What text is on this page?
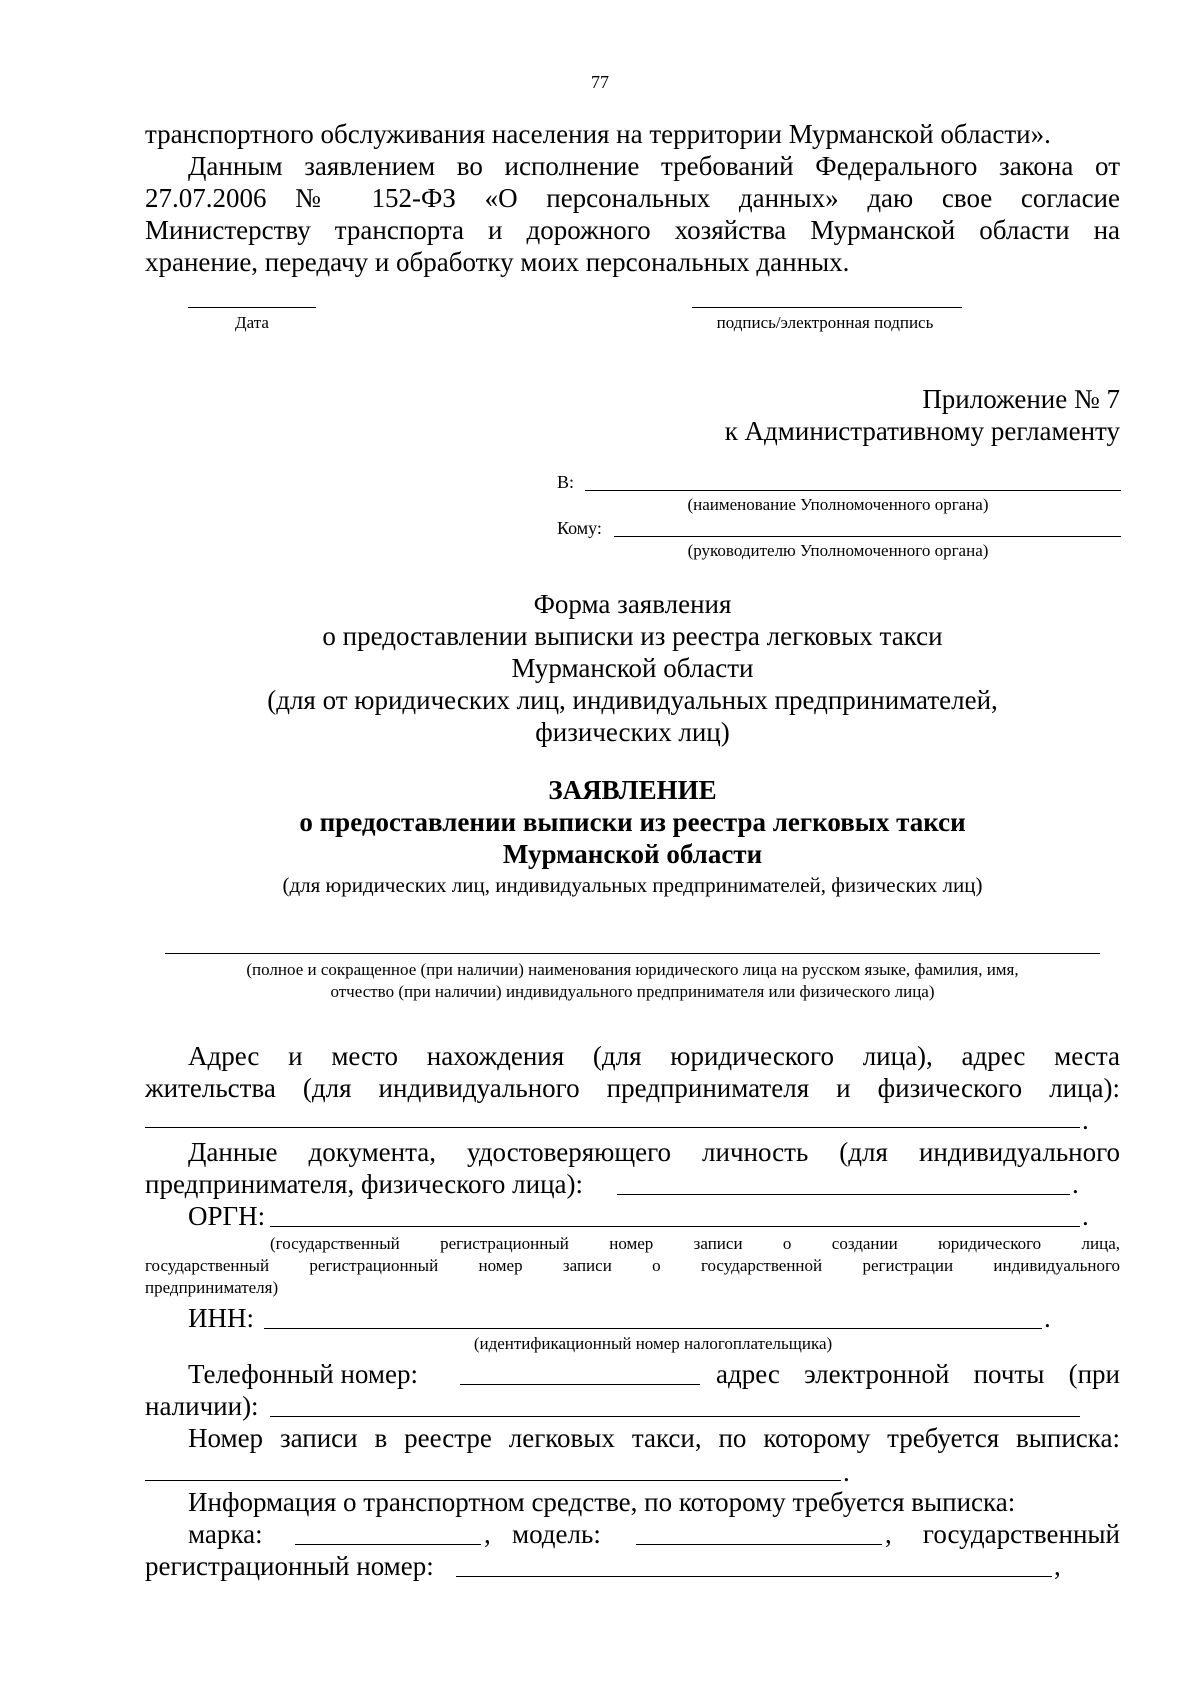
77
транспортного обслуживания населения на территории Мурманской области».
Данным заявлением во исполнение требований Федерального закона от
27.07.2006 № 152-ФЗ «О персональных данных» даю свое согласие
Министерству транспорта и дорожного хозяйства Мурманской области на
хранение, передачу и обработку моих персональных данных.
Дата	подпись/электронная подпись
Приложение № 7
к Административному регламенту
В:
(наименование Уполномоченного органа)
Кому:
(руководителю Уполномоченного органа)
Форма заявления
о предоставлении выписки из реестра легковых такси
Мурманской области
(для от юридических лиц, индивидуальных предпринимателей,
физических лиц)
ЗАЯВЛЕНИЕ
о предоставлении выписки из реестра легковых такси
Мурманской области
(для юридических лиц, индивидуальных предпринимателей, физических лиц)
(полное и сокращенное (при наличии) наименования юридического лица на русском языке, фамилия, имя,
отчество (при наличии) индивидуального предпринимателя или физического лица)
Адрес и место нахождения (для юридического лица), адрес места
жительства (для индивидуального предпринимателя и физического лица):
.
Данные документа, удостоверяющего личность (для индивидуального
предпринимателя, физического лица):	.
ОРГН:	.
(государственный регистрационный номер записи о создании юридического лица,
государственный регистрационный номер записи о государственной регистрации индивидуального
предпринимателя)
ИНН:	.
(идентификационный номер налогоплательщика)
Телефонный номер:	адрес электронной почты (при
наличии):
Номер записи в реестре легковых такси, по которому требуется выписка:
.
Информация о транспортном средстве, по которому требуется выписка:
марка:	, модель:	,	государственный
регистрационный номер:	,
